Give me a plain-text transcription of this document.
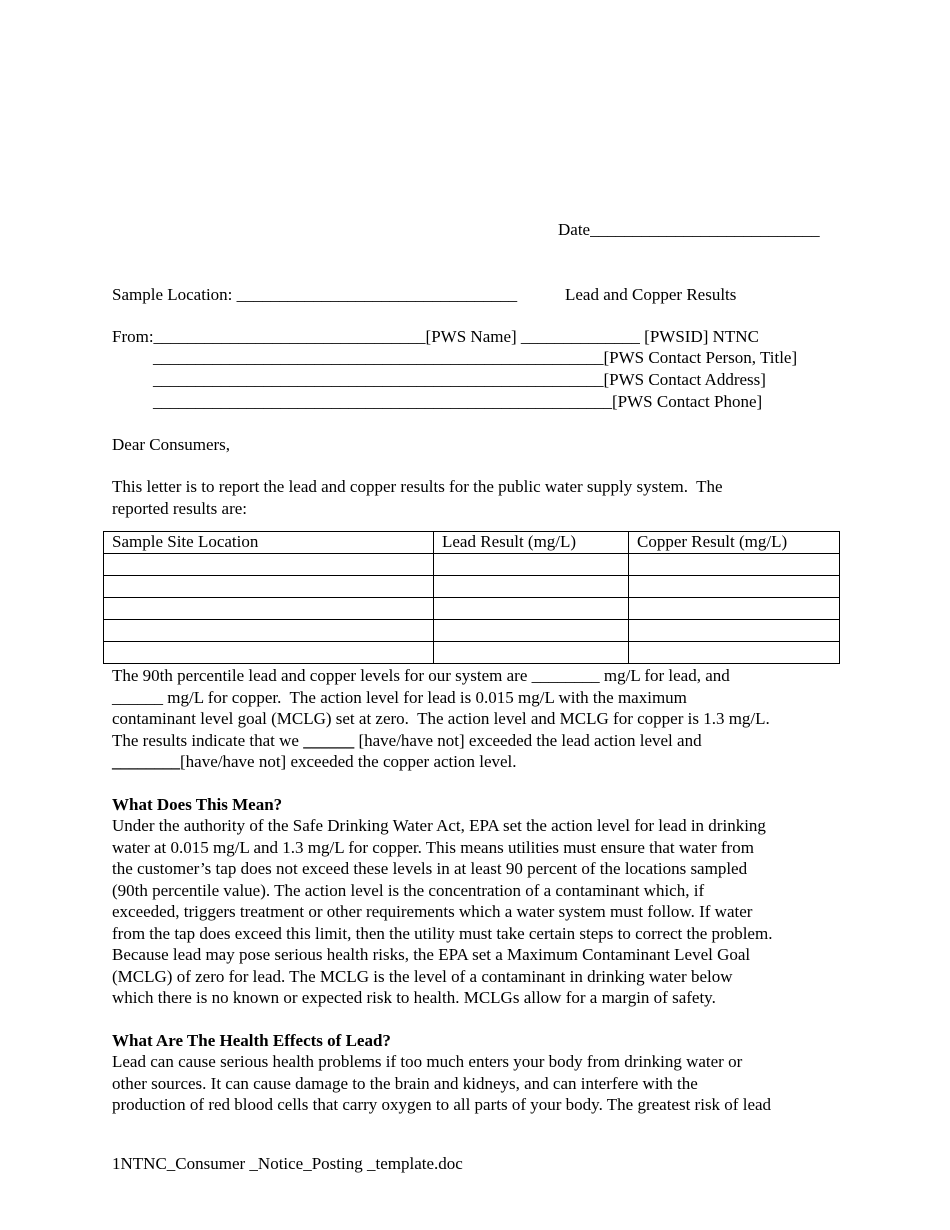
Date___________________________
Sample Location: _________________________________	Lead and Copper Results
From:________________________________[PWS Name] ______________ [PWSID] NTNC
_____________________________________________________[PWS Contact Person, Title]
_____________________________________________________[PWS Contact Address]
______________________________________________________[PWS Contact Phone]
Dear Consumers,
This letter is to report the lead and copper results for the public water supply system.  The
reported results are:
Sample Site Location	Lead Result (mg/L)	Copper Result (mg/L)

The 90th percentile lead and copper levels for our system are ________ mg/L for lead, and
______ mg/L for copper.  The action level for lead is 0.015 mg/L with the maximum
contaminant level goal (MCLG) set at zero.  The action level and MCLG for copper is 1.3 mg/L.
The results indicate that we ______ [have/have not] exceeded the lead action level and
________[have/have not] exceeded the copper action level.
What Does This Mean?
Under the authority of the Safe Drinking Water Act, EPA set the action level for lead in drinking
water at 0.015 mg/L and 1.3 mg/L for copper. This means utilities must ensure that water from
the customer’s tap does not exceed these levels in at least 90 percent of the locations sampled
(90th percentile value). The action level is the concentration of a contaminant which, if
exceeded, triggers treatment or other requirements which a water system must follow. If water
from the tap does exceed this limit, then the utility must take certain steps to correct the problem.
Because lead may pose serious health risks, the EPA set a Maximum Contaminant Level Goal
(MCLG) of zero for lead. The MCLG is the level of a contaminant in drinking water below
which there is no known or expected risk to health. MCLGs allow for a margin of safety.
What Are The Health Effects of Lead?
Lead can cause serious health problems if too much enters your body from drinking water or
other sources. It can cause damage to the brain and kidneys, and can interfere with the
production of red blood cells that carry oxygen to all parts of your body. The greatest risk of lead
1NTNC_Consumer _Notice_Posting _template.doc
